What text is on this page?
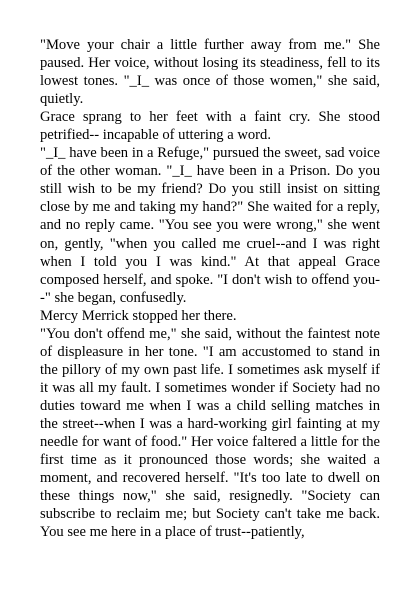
"Move your chair a little further away from me." She paused. Her voice, without losing its steadiness, fell to its lowest tones. "_I_ was once of those women," she said, quietly.

Grace sprang to her feet with a faint cry. She stood petrified-- incapable of uttering a word.

"_I_ have been in a Refuge," pursued the sweet, sad voice of the other woman. "_I_ have been in a Prison. Do you still wish to be my friend? Do you still insist on sitting close by me and taking my hand?" She waited for a reply, and no reply came. "You see you were wrong," she went on, gently, "when you called me cruel--and I was right when I told you I was kind." At that appeal Grace composed herself, and spoke. "I don't wish to offend you--" she began, confusedly.

Mercy Merrick stopped her there.

"You don't offend me," she said, without the faintest note of displeasure in her tone. "I am accustomed to stand in the pillory of my own past life. I sometimes ask myself if it was all my fault. I sometimes wonder if Society had no duties toward me when I was a child selling matches in the street--when I was a hard-working girl fainting at my needle for want of food." Her voice faltered a little for the first time as it pronounced those words; she waited a moment, and recovered herself. "It's too late to dwell on these things now," she said, resignedly. "Society can subscribe to reclaim me; but Society can't take me back. You see me here in a place of trust--patiently,
